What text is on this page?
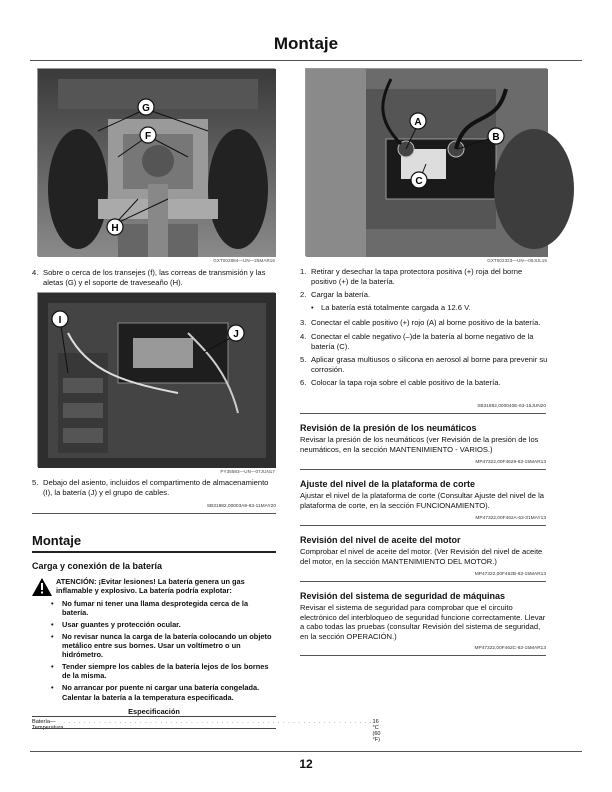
Montaje
G
F
H
GXT002884—UN—25MAR16
4. Sobre o cerca de los transejes (f), las correas de transmisión y las aletas (G) y el soporte de traveseaño (H).
I
J
PY35593—UN—07JUN17
5. Debajo del asiento, incluidos el compartimento de almacenamiento (I), la batería (J) y el grupo de cables.
SB31882,00003A9-63-11MAY20
Montaje
Carga y conexión de la batería
ATENCIÓN: ¡Evitar lesiones! La batería genera un gas inflamable y explosivo. La batería podría explotar:
• No fumar ni tener una llama desprotegida cerca de la batería.
• Usar guantes y protección ocular.
• No revisar nunca la carga de la batería colocando un objeto metálico entre sus bornes. Usar un voltímetro o un hidrómetro.
• Tender siempre los cables de la batería lejos de los bornes de la misma.
• No arrancar por puente ni cargar una batería congelada. Calentar la batería a la temperatura especificada.
Especificación
Batería—	. . . . . . . . . . . . . . . . . . . . . . . . . . . . . . . . . . . . . . . . . . . . . . . . . . . . . . . . . . . . . 16 °C (60 °F)
A
B
C
GXT002323—UN—09JUL15
1. Retirar y desechar la tapa protectora positiva (+) roja del borne positivo (+) de la batería.
2. Cargar la batería.
• La batería está totalmente cargada a 12.6 V.
3. Conectar el cable positivo (+) rojo (A) al borne positivo de la batería.
4. Conectar el cable negativo (–)de la batería al borne negativo de la batería (C).
5. Aplicar grasa multiusos o silicona en aerosol al borne para prevenir su corrosión.
6. Colocar la tapa roja sobre el cable positivo de la batería.
SB31882,000040E-63-15JUN20
Revisión de la presión de los neumáticos
Revisar la presión de los neumáticos (ver Revisión de la presión de los neumáticos, en la sección MANTENIMIENTO - VARIOS.)
MP47322,00F4629-63-15MAR13
Ajuste del nivel de la plataforma de corte
Ajustar el nivel de la plataforma de corte (Consultar Ajuste del nivel de la plataforma de corte, en la sección FUNCIONAMIENTO).
MP47322,00F462A-63-31MAY13
Revisión del nivel de aceite del motor
Comprobar el nivel de aceite del motor. (Ver Revisión del nivel de aceite del motor, en la sección MANTENIMIENTO DEL MOTOR.)
MP47322,00F462B-63-15MAR13
Revisión del sistema de seguridad de máquinas
Revisar el sistema de seguridad para comprobar que el circuito electrónico del interbloqueo de seguridad funcione correctamente. Llevar a cabo todas las pruebas (consultar Revisión del sistema de seguridad, en la sección OPERACIÓN.)
MP47322,00F462C-63-15MAR13
12
